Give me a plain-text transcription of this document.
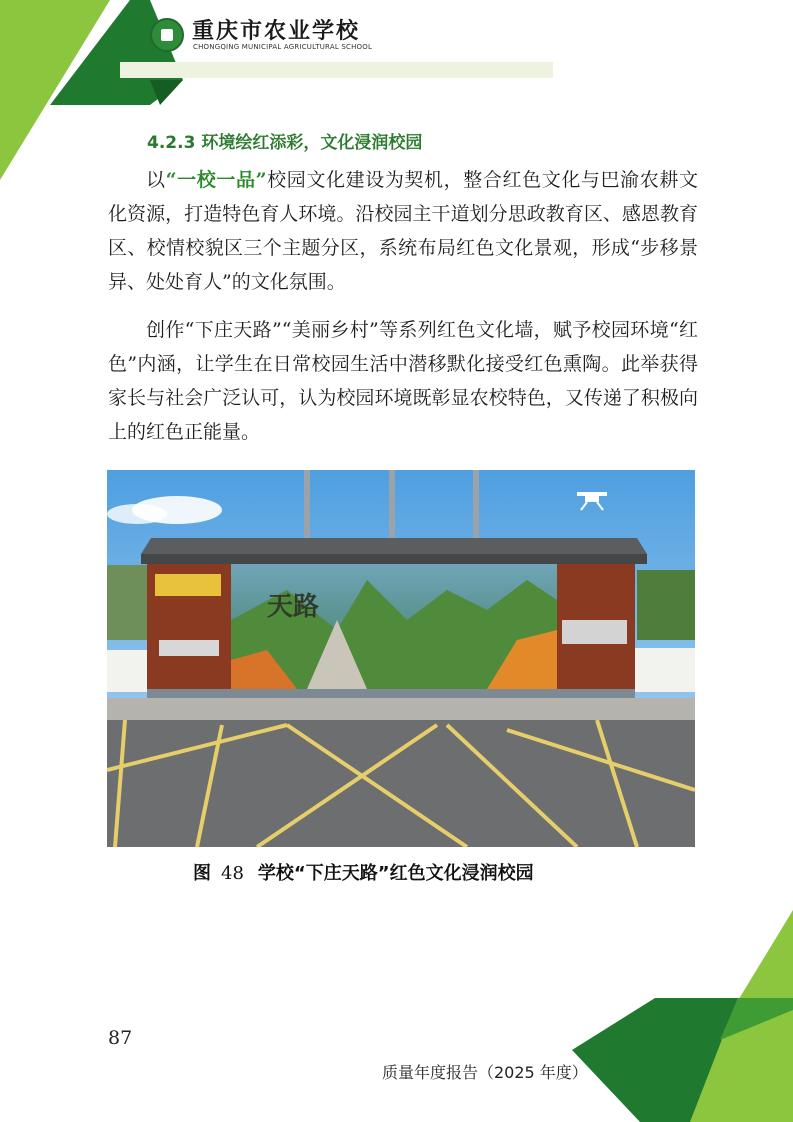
重庆市农业学校
CHONGQING MUNICIPAL AGRICULTURAL SCHOOL
4.2.3 环境绘红添彩，文化浸润校园
以“一校一品”校园文化建设为契机，整合红色文化与巴渝农耕文化资源，打造特色育人环境。沿校园主干道划分思政教育区、感恩教育区、校情校貌区三个主题分区，系统布局红色文化景观，形成“步移景异、处处育人”的文化氛围。
创作“下庄天路”“美丽乡村”等系列红色文化墙，赋予校园环境“红色”内涵，让学生在日常校园生活中潜移默化接受红色熏陶。此举获得家长与社会广泛认可，认为校园环境既彰显农校特色，又传递了积极向上的红色正能量。
天路
图 48 学校“下庄天路”红色文化浸润校园
87
质量年度报告（2025 年度）
